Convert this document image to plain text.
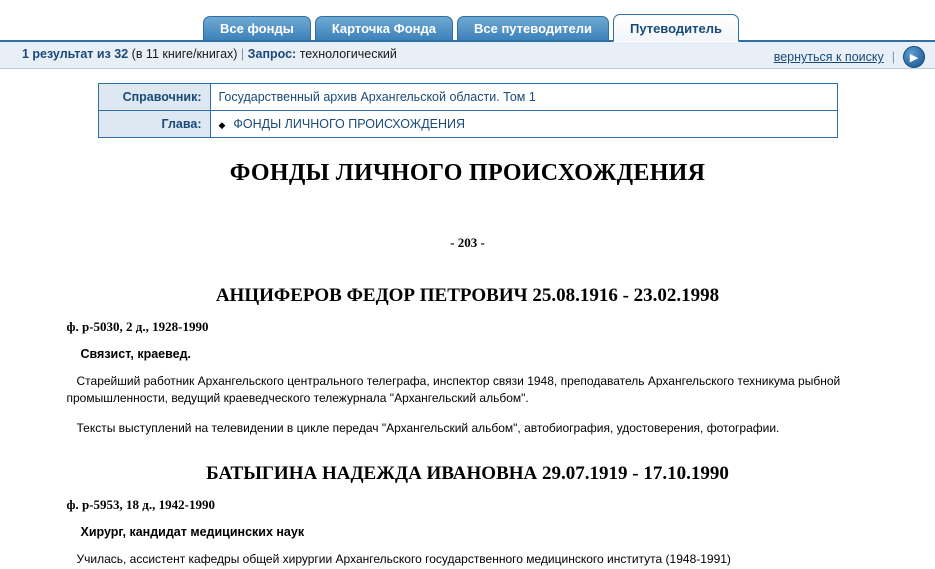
Все фонды	Карточка Фонда	Все путеводители	Путеводитель
1 результат из 32 (в 11 книге/книгах) | Запрос: технологический	вернуться к поиску |	▶
Справочник:	Государственный архив Архангельской области. Том 1
Глава:	◆ ФОНДЫ ЛИЧНОГО ПРОИСХОЖДЕНИЯ
ФОНДЫ ЛИЧНОГО ПРОИСХОЖДЕНИЯ
- 203 -
АНЦИФЕРОВ ФЕДОР ПЕТРОВИЧ 25.08.1916 - 23.02.1998
ф. р-5030, 2 д., 1928-1990
Связист, краевед.
Старейший работник Архангельского центрального телеграфа, инспектор связи 1948, преподаватель Архангельского техникума рыбной промышленности, ведущий краеведческого тележурнала "Архангельский альбом".
Тексты выступлений на телевидении в цикле передач "Архангельский альбом", автобиография, удостоверения, фотографии.
БАТЫГИНА НАДЕЖДА ИВАНОВНА 29.07.1919 - 17.10.1990
ф. р-5953, 18 д., 1942-1990
Хирург, кандидат медицинских наук
Училась, ассистент кафедры общей хирургии Архангельского государственного медицинского института (1948-1991)
